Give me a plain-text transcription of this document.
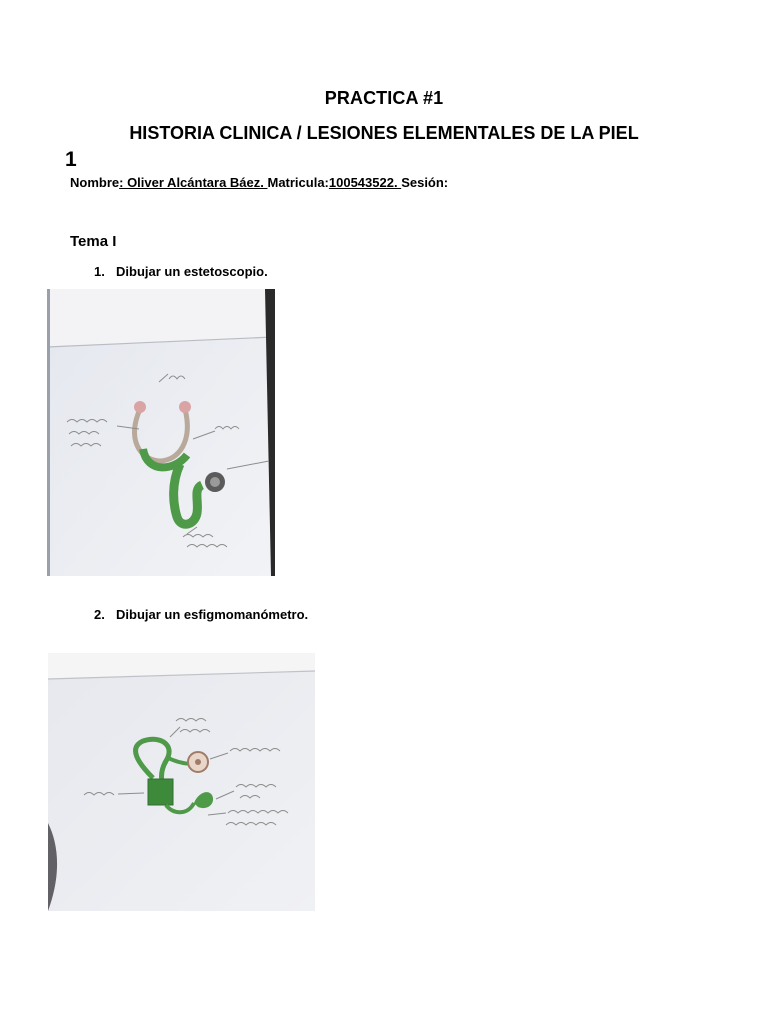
PRACTICA #1
HISTORIA CLINICA / LESIONES ELEMENTALES DE LA PIEL
1
Nombre: Oliver Alcántara Báez. Matricula:100543522. Sesión:
Tema I
1. Dibujar un estetoscopio.
2. Dibujar un esfigmomanómetro.
